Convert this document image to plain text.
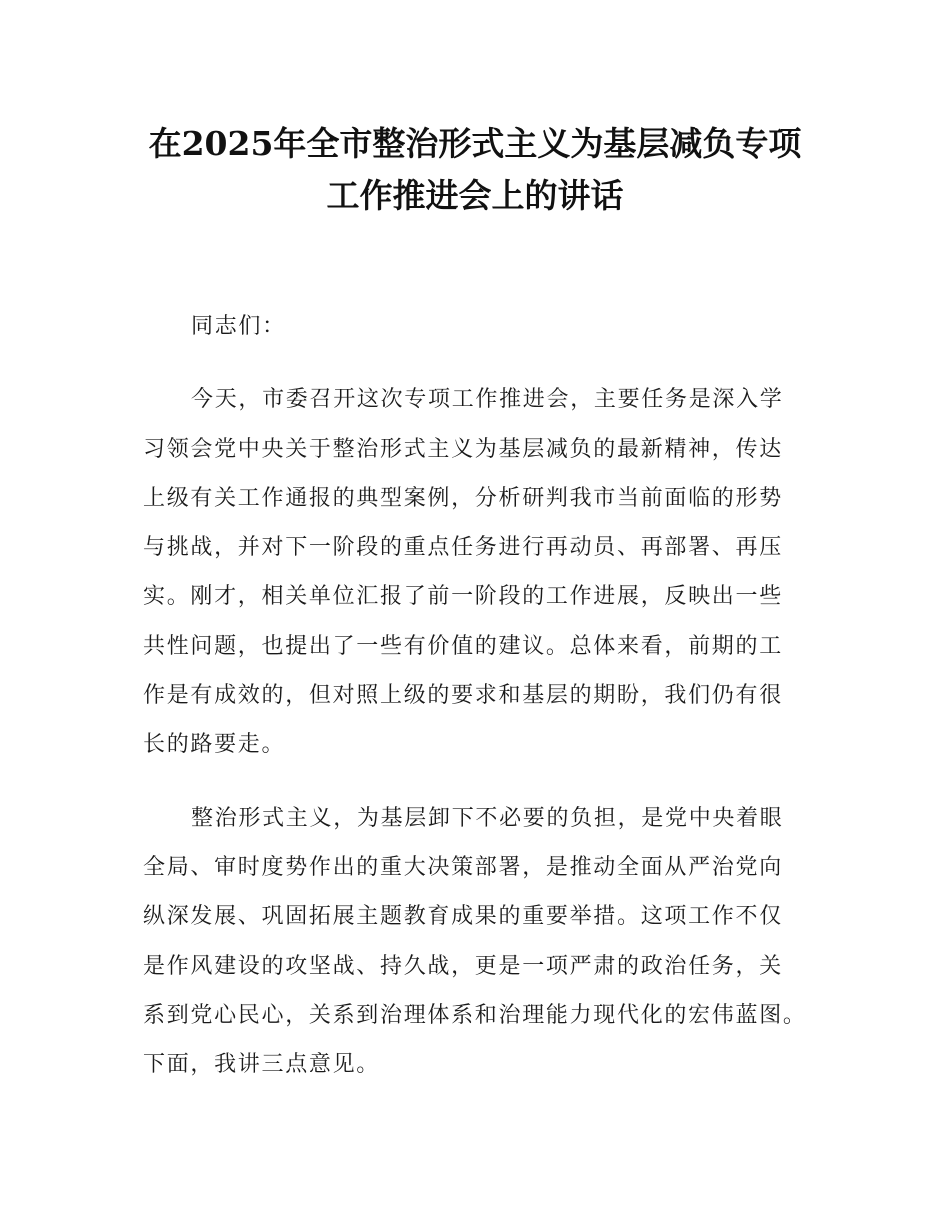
在2025年全市整治形式主义为基层减负专项
工作推进会上的讲话
同志们：
今天，市委召开这次专项工作推进会，主要任务是深入学
习领会党中央关于整治形式主义为基层减负的最新精神，传达
上级有关工作通报的典型案例，分析研判我市当前面临的形势
与挑战，并对下一阶段的重点任务进行再动员、再部署、再压
实。刚才，相关单位汇报了前一阶段的工作进展，反映出一些
共性问题，也提出了一些有价值的建议。总体来看，前期的工
作是有成效的，但对照上级的要求和基层的期盼，我们仍有很
长的路要走。
整治形式主义，为基层卸下不必要的负担，是党中央着眼
全局、审时度势作出的重大决策部署，是推动全面从严治党向
纵深发展、巩固拓展主题教育成果的重要举措。这项工作不仅
是作风建设的攻坚战、持久战，更是一项严肃的政治任务，关
系到党心民心，关系到治理体系和治理能力现代化的宏伟蓝图。
下面，我讲三点意见。
